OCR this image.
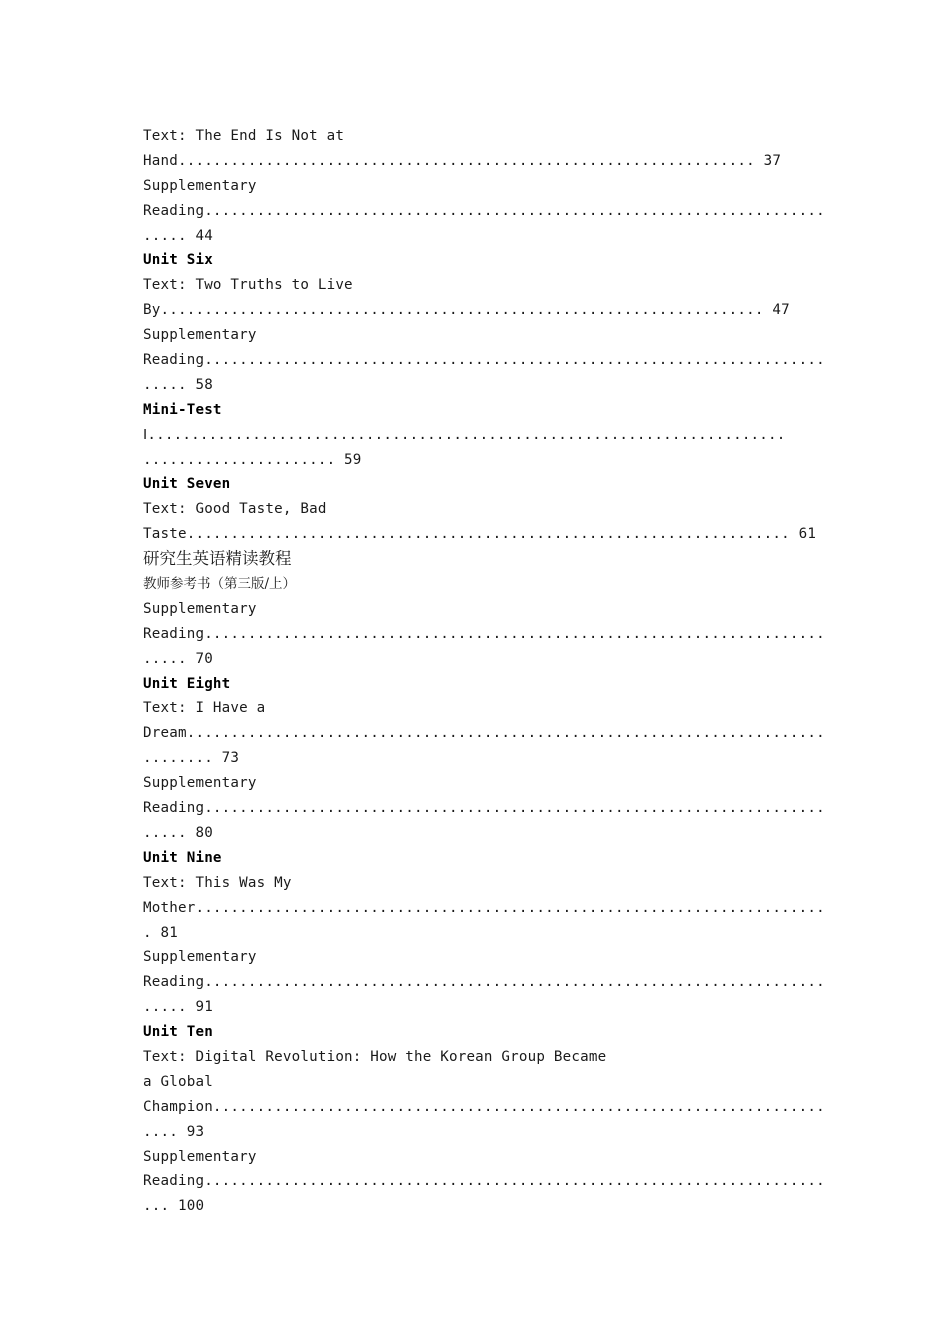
Text: The End Is Not at
Hand.................................................................. 37
Supplementary
Reading.......................................................................
..... 44
Unit Six
Text: Two Truths to Live
By..................................................................... 47
Supplementary
Reading.......................................................................
..... 58
Mini-Test
Ⅰ.........................................................................
...................... 59
Unit Seven
Text: Good Taste, Bad
Taste..................................................................... 61
研究生英语精读教程
教师参考书（第三版/上）
Supplementary
Reading.......................................................................
..... 70
Unit Eight
Text: I Have a
Dream.........................................................................
........ 73
Supplementary
Reading.......................................................................
..... 80
Unit Nine
Text: This Was My
Mother........................................................................
. 81
Supplementary
Reading.......................................................................
..... 91
Unit Ten
Text: Digital Revolution: How the Korean Group Became
a Global
Champion......................................................................
.... 93
Supplementary
Reading.......................................................................
... 100
